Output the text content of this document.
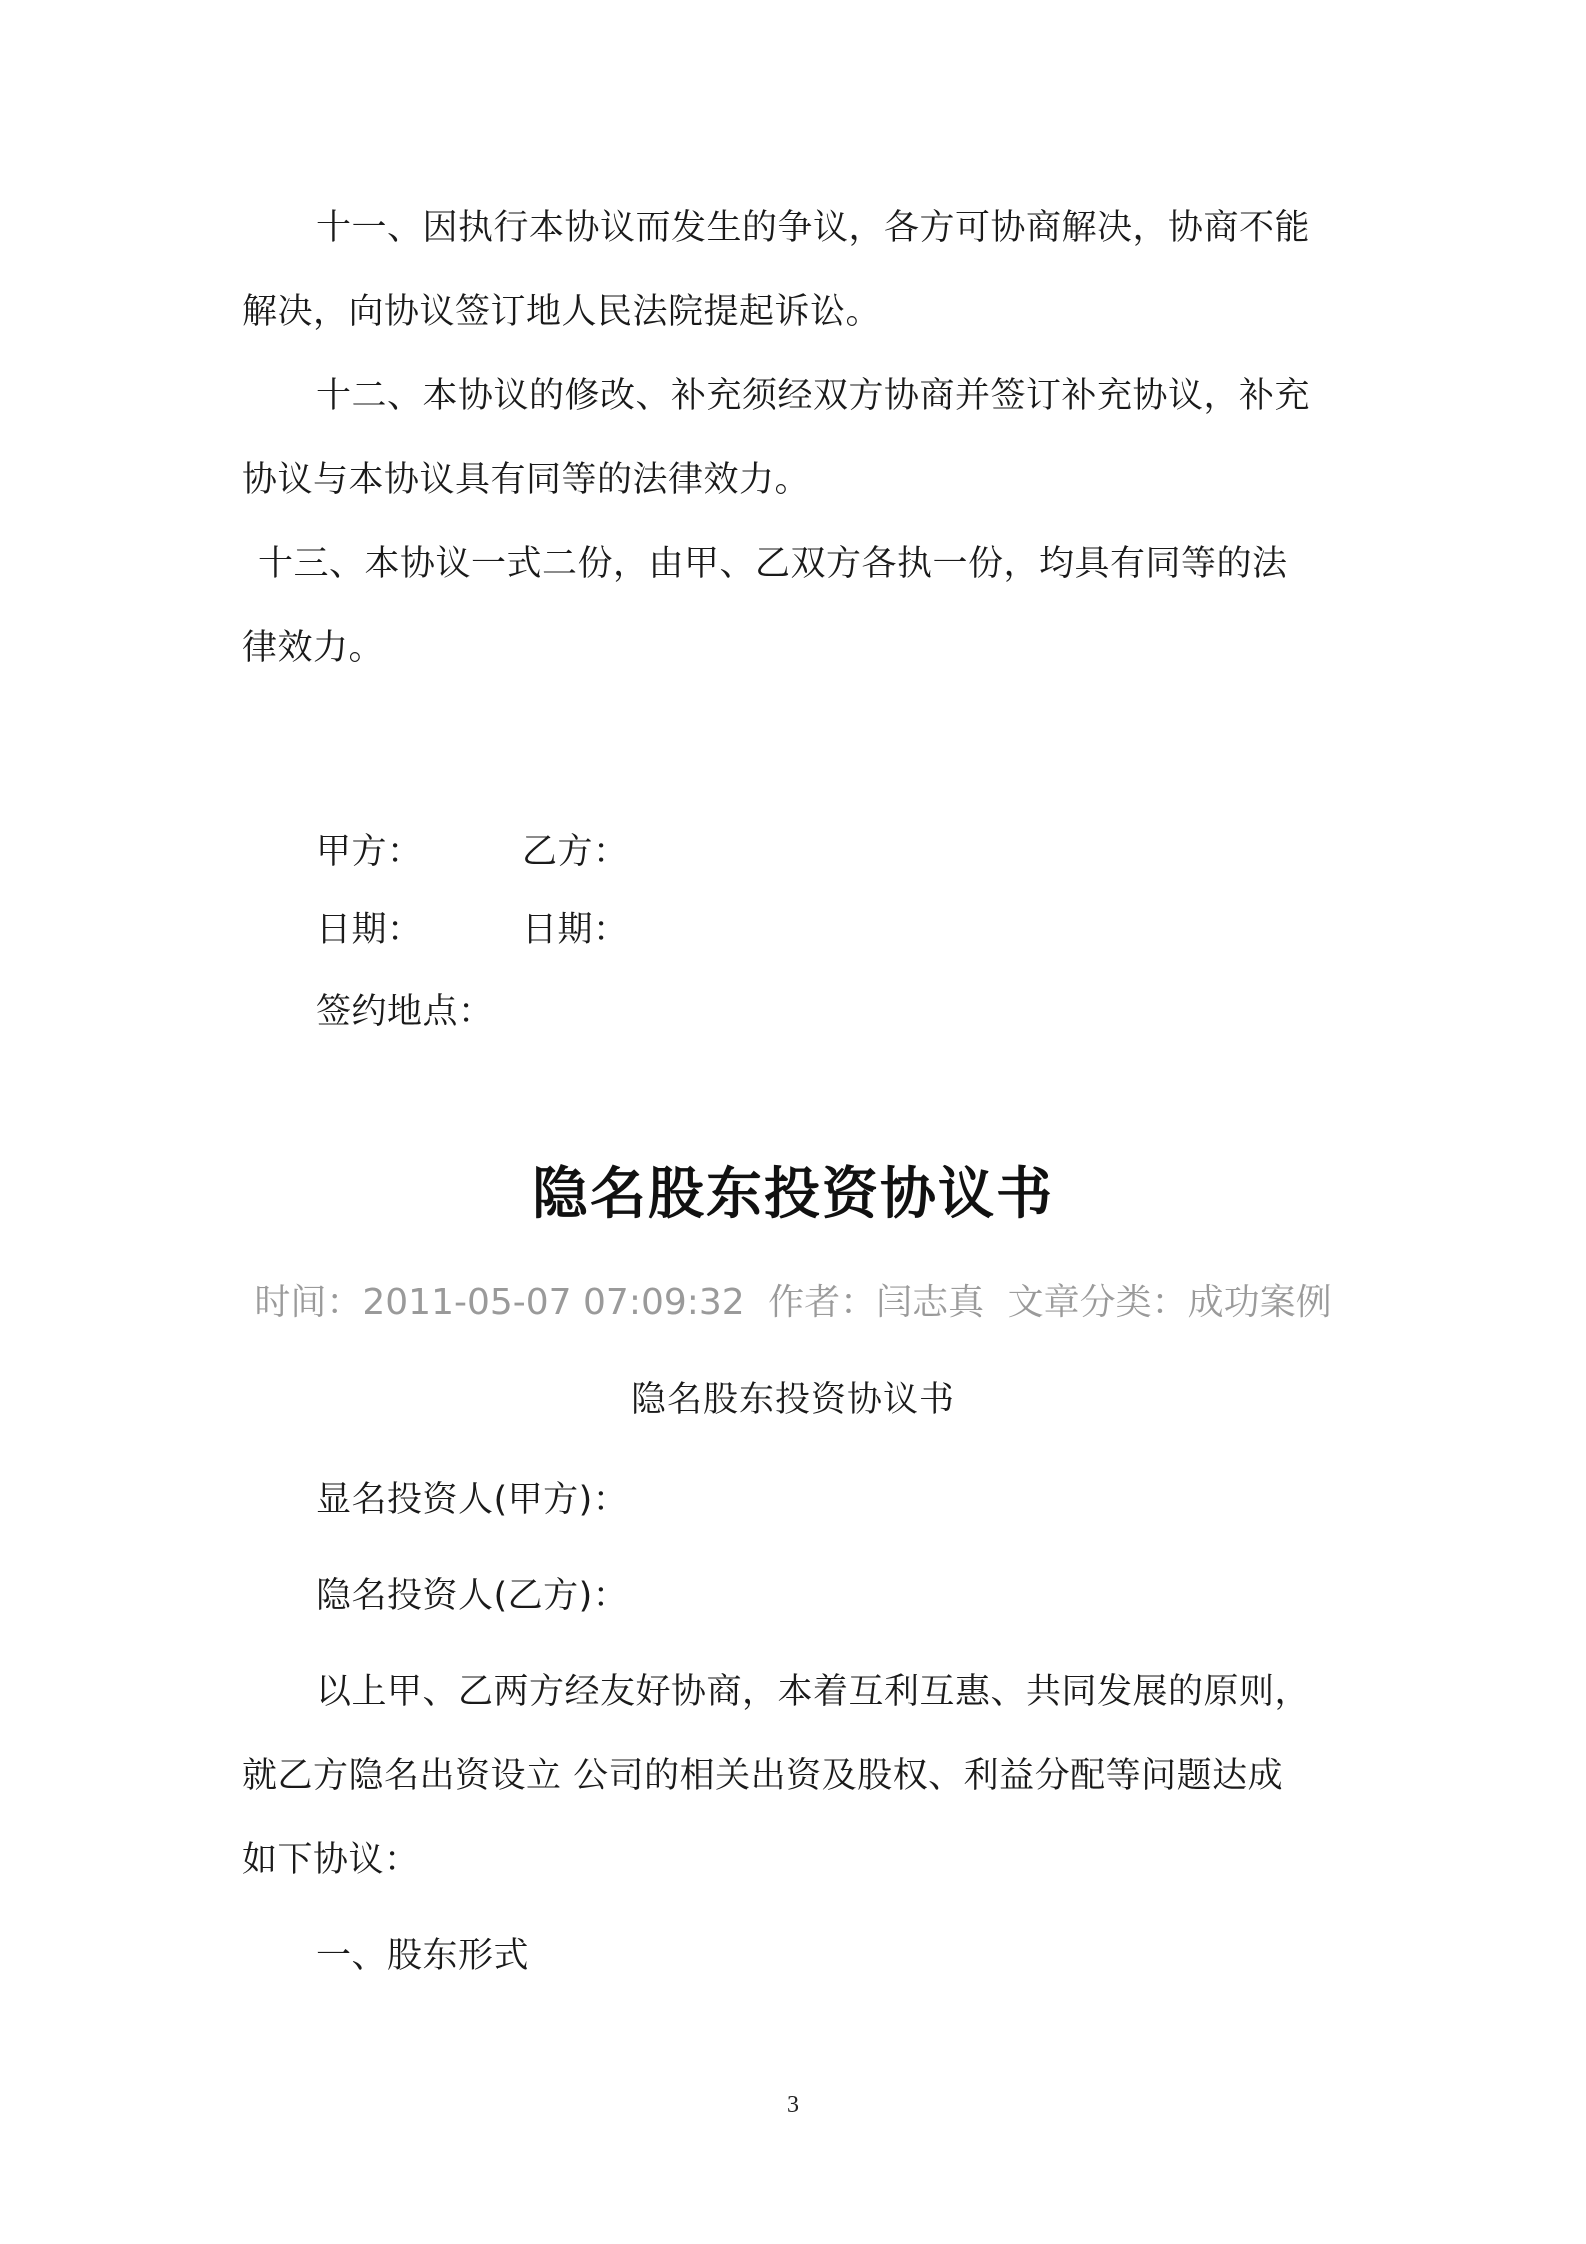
十一、因执行本协议而发生的争议，各方可协商解决，协商不能
解决，向协议签订地人民法院提起诉讼。
十二、本协议的修改、补充须经双方协商并签订补充协议，补充
协议与本协议具有同等的法律效力。
十三、本协议一式二份，由甲、乙双方各执一份，均具有同等的法
律效力。
甲方：	乙方：
日期：	日期：
签约地点：
隐名股东投资协议书
时间：2011-05-07 07:09:32 作者：闫志真 文章分类：成功案例
隐名股东投资协议书
显名投资人(甲方)：
隐名投资人(乙方)：
以上甲、乙两方经友好协商，本着互利互惠、共同发展的原则，
就乙方隐名出资设立 公司的相关出资及股权、利益分配等问题达成
如下协议：
一、股东形式
3
